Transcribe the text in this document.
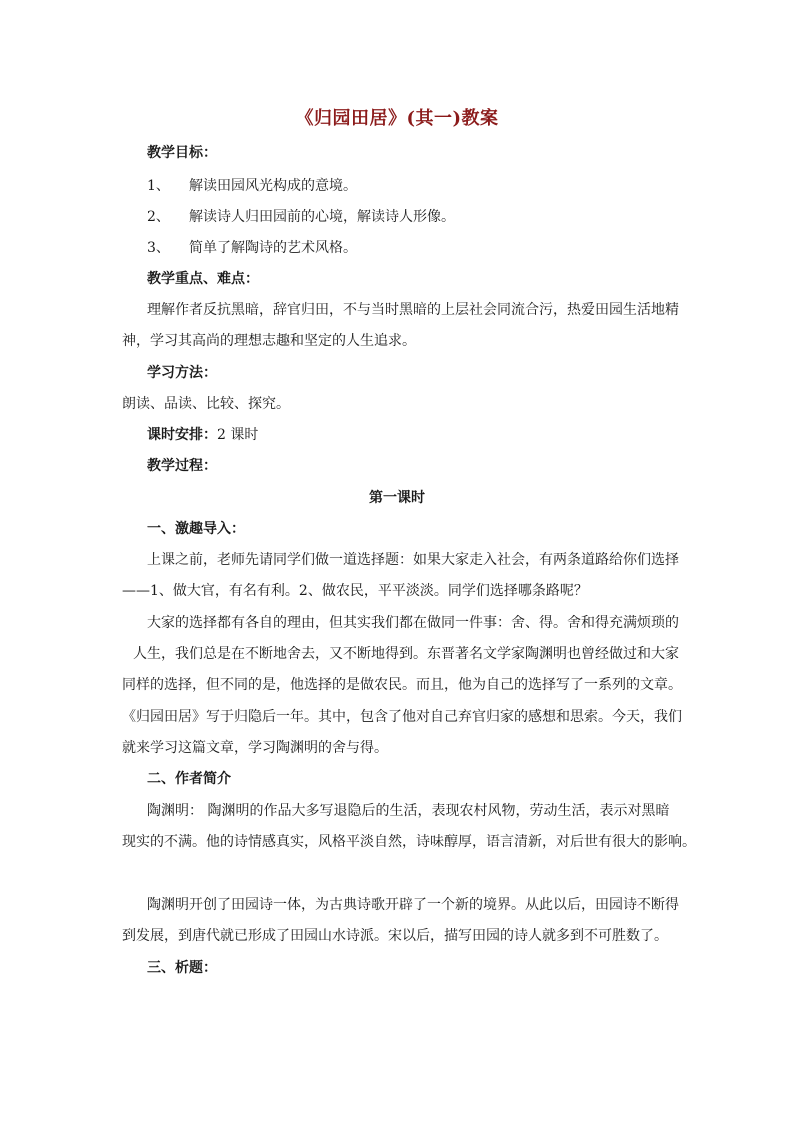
《归园田居》(其一)教案
教学目标：
1、 解读田园风光构成的意境。
2、 解读诗人归田园前的心境，解读诗人形像。
3、 简单了解陶诗的艺术风格。
教学重点、难点：
理解作者反抗黑暗，辞官归田，不与当时黑暗的上层社会同流合污，热爱田园生活地精
神，学习其高尚的理想志趣和坚定的人生追求。
学习方法：
朗读、品读、比较、探究。
课时安排：2 课时
教学过程：
第一课时
一、激趣导入：
上课之前，老师先请同学们做一道选择题：如果大家走入社会，有两条道路给你们选择
——1、做大官，有名有利。2、做农民，平平淡淡。同学们选择哪条路呢？
大家的选择都有各自的理由，但其实我们都在做同一件事：舍、得。舍和得充满烦琐的
人生，我们总是在不断地舍去，又不断地得到。东晋著名文学家陶渊明也曾经做过和大家
同样的选择，但不同的是，他选择的是做农民。而且，他为自己的选择写了一系列的文章。
《归园田居》写于归隐后一年。其中，包含了他对自己弃官归家的感想和思索。今天，我们
就来学习这篇文章，学习陶渊明的舍与得。
二、作者简介
陶渊明： 陶渊明的作品大多写退隐后的生活，表现农村风物，劳动生活，表示对黑暗
现实的不满。他的诗情感真实，风格平淡自然，诗味醇厚，语言清新，对后世有很大的影响。
陶渊明开创了田园诗一体，为古典诗歌开辟了一个新的境界。从此以后，田园诗不断得
到发展，到唐代就已形成了田园山水诗派。宋以后，描写田园的诗人就多到不可胜数了。
三、析题：
